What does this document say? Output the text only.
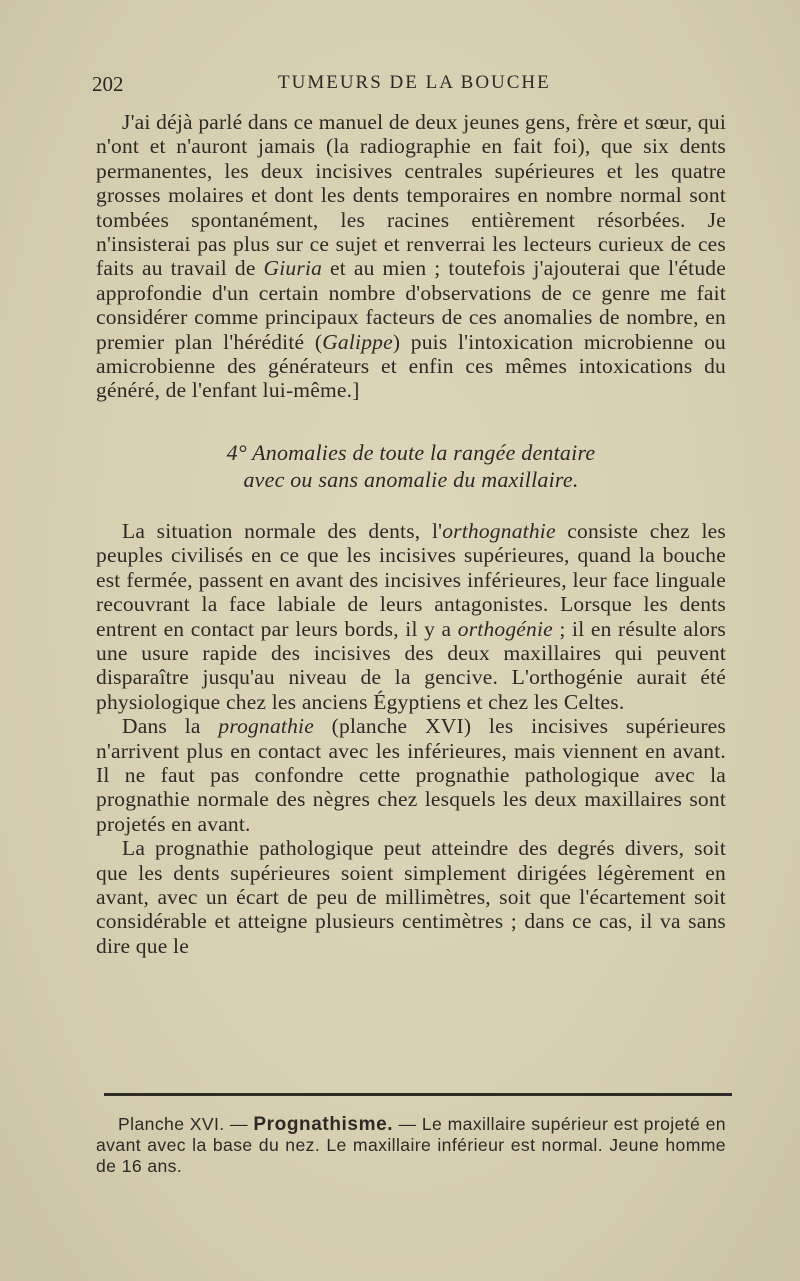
202	TUMEURS DE LA BOUCHE

J'ai déjà parlé dans ce manuel de deux jeunes gens, frère et sœur, qui n'ont et n'auront jamais (la radiographie en fait foi), que six dents permanentes, les deux incisives centrales supérieures et les quatre grosses molaires et dont les dents temporaires en nombre normal sont tombées spontanément, les racines entièrement résorbées. Je n'insisterai pas plus sur ce sujet et renverrai les lecteurs curieux de ces faits au travail de Giuria et au mien ; toutefois j'ajouterai que l'étude approfondie d'un certain nombre d'observations de ce genre me fait considérer comme principaux facteurs de ces anomalies de nombre, en premier plan l'hérédité (Galippe) puis l'intoxication microbienne ou amicrobienne des générateurs et enfin ces mêmes intoxications du généré, de l'enfant lui-même.]

4° Anomalies de toute la rangée dentaire
avec ou sans anomalie du maxillaire.

La situation normale des dents, l'orthognathie consiste chez les peuples civilisés en ce que les incisives supérieures, quand la bouche est fermée, passent en avant des incisives inférieures, leur face linguale recouvrant la face labiale de leurs antagonistes. Lorsque les dents entrent en contact par leurs bords, il y a orthogénie ; il en résulte alors une usure rapide des incisives des deux maxillaires qui peuvent disparaître jusqu'au niveau de la gencive. L'orthogénie aurait été physiologique chez les anciens Égyptiens et chez les Celtes.

Dans la prognathie (planche XVI) les incisives supérieures n'arrivent plus en contact avec les inférieures, mais viennent en avant. Il ne faut pas confondre cette prognathie pathologique avec la prognathie normale des nègres chez lesquels les deux maxillaires sont projetés en avant.

La prognathie pathologique peut atteindre des degrés divers, soit que les dents supérieures soient simplement dirigées légèrement en avant, avec un écart de peu de millimètres, soit que l'écartement soit considérable et atteigne plusieurs centimètres ; dans ce cas, il va sans dire que le

Planche XVI. — Prognathisme. — Le maxillaire supérieur est projeté en avant avec la base du nez. Le maxillaire inférieur est normal. Jeune homme de 16 ans.
